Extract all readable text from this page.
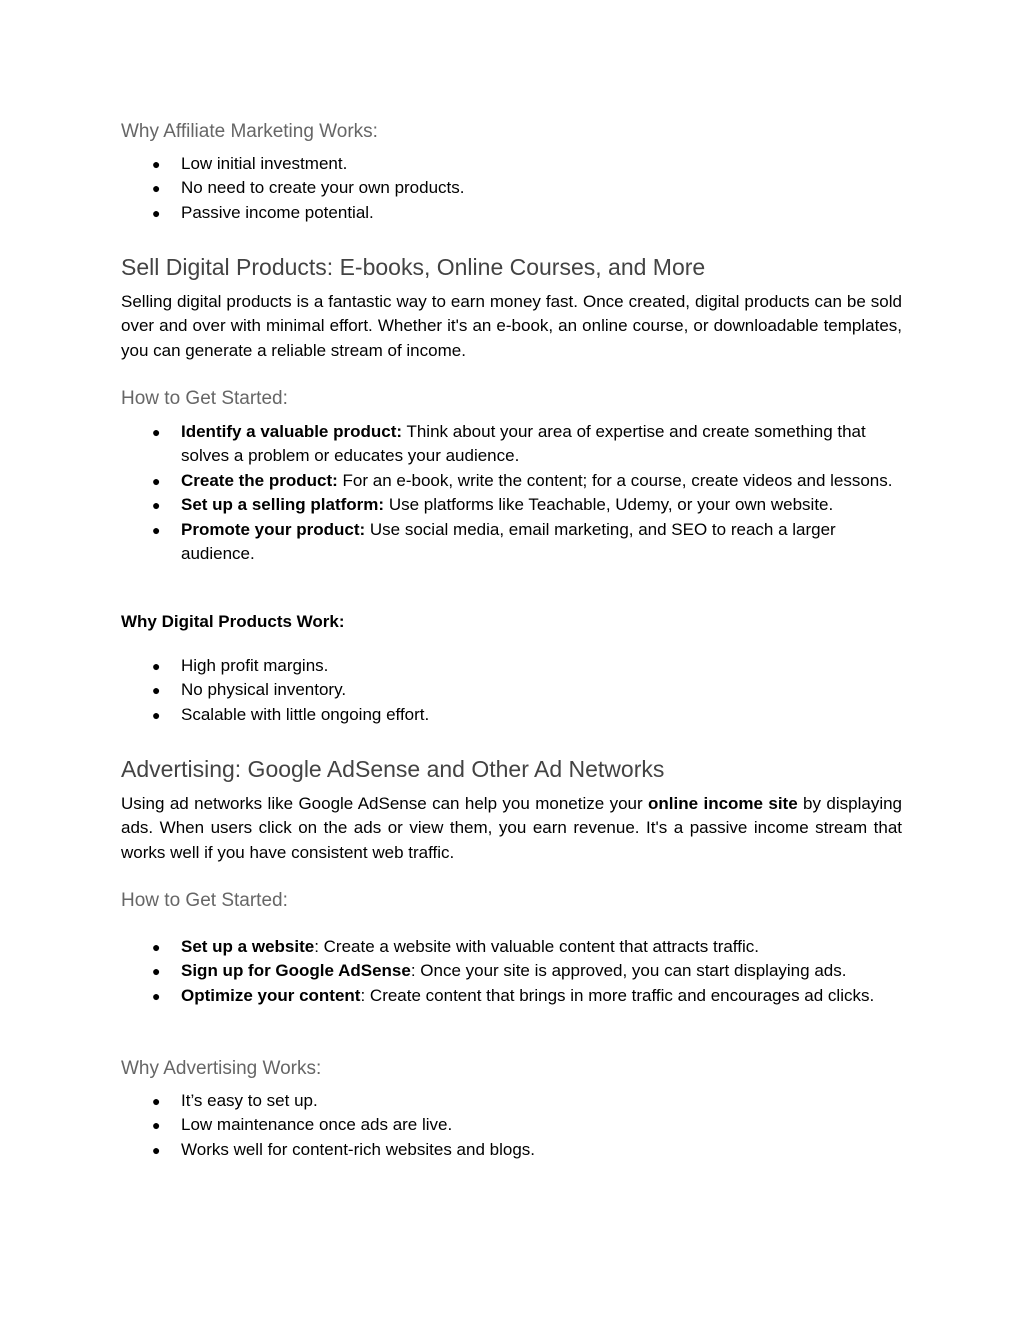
Why Affiliate Marketing Works:
● Low initial investment.
● No need to create your own products.
● Passive income potential.
Sell Digital Products: E-books, Online Courses, and More

Selling digital products is a fantastic way to earn money fast. Once created, digital products can be sold over and over with minimal effort. Whether it's an e-book, an online course, or downloadable templates, you can generate a reliable stream of income.

How to Get Started:
● Identify a valuable product: Think about your area of expertise and create something that solves a problem or educates your audience.
● Create the product: For an e-book, write the content; for a course, create videos and lessons.
● Set up a selling platform: Use platforms like Teachable, Udemy, or your own website.
● Promote your product: Use social media, email marketing, and SEO to reach a larger audience.

Why Digital Products Work:

● High profit margins.
● No physical inventory.
● Scalable with little ongoing effort.
Advertising: Google AdSense and Other Ad Networks

Using ad networks like Google AdSense can help you monetize your online income site by displaying ads. When users click on the ads or view them, you earn revenue. It's a passive income stream that works well if you have consistent web traffic.

How to Get Started:
● Set up a website: Create a website with valuable content that attracts traffic.
● Sign up for Google AdSense: Once your site is approved, you can start displaying ads.
● Optimize your content: Create content that brings in more traffic and encourages ad clicks.
Why Advertising Works:
● It’s easy to set up.
● Low maintenance once ads are live.
● Works well for content-rich websites and blogs.
